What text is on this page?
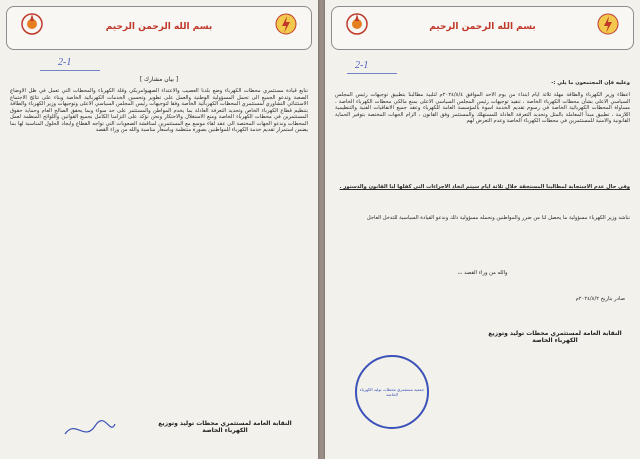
بسم الله الرحمن الرحيم
2-1
[ بيان مشارك ]
نتابع قيادة مستثمري محطات الكهرباء وضع بلدنا العصيب والاعتداء الصهيوامريكي وقلة الكهرباء والمحطات التي تعمل في ظل الاوضاع الصعبة وتدعو الجميع الى تحمل المسؤولية الوطنية والعمل على تطوير وتحسين الخدمات الكهربائية الخاصة وبناء على نتائج الاجتماع الاستثنائي التشاوري لمستثمري المحطات الكهربائية الخاصة وفقا لتوجيهات رئيس المجلس السياسي الاعلى وتوجيهات وزير الكهرباء والطاقة بتنظيم قطاع الكهرباء الخاص وتحديد التعرفة العادلة بما يخدم المواطن والمستثمر على حد سواء وبما يحقق الصالح العام وحماية حقوق المستثمرين في محطات الكهرباء الخاصة ومنع الاستغلال والاحتكار ونحن نؤكد على التزامنا الكامل بجميع القوانين واللوائح المنظمة لعمل المحطات وندعو الجهات المختصة الى عقد لقاء موسع مع المستثمرين لمناقشة الصعوبات التي تواجه القطاع وايجاد الحلول المناسبة لها بما يضمن استمرار تقديم خدمة الكهرباء للمواطنين بصورة منتظمة وباسعار مناسبة والله من وراء القصد
النقابة العامة لمستثمري محطات توليد وتوزيع الكهرباء الخاصة
بسم الله الرحمن الرحيم
2-1
وعليه فإن المجتمعون ما يلي :-
اعطاء وزير الكهرباء والطاقة مهلة ثلاثة أيام ابتداء من يوم الاحد الموافق ٢٠٢٤/٨/٤م لتلبية مطالبنا بتطبيق توجيهات رئيس المجلس السياسي الاعلى بشأن محطات الكهرباء الخاصة ، تنفيذ توجيهات رئيس المجلس السياسي الاعلى بمنع مالكي محطات الكهرباء الخاصة ، مساواة المحطات الكهربائية الخاصة في رسوم تقديم الخدمة اسوة بالمؤسسة العامة للكهرباء وعقد جميع الاتفاقيات الفنية والتنظيمية اللازمة ، تطبيق مبدأ المعاملة بالمثل وتحديد التعرفة العادلة للمستهلك والمستثمر وفق القانون ، الزام الجهات المختصة بتوفير الحماية القانونية والامنية للمستثمرين في محطات الكهرباء الخاصة وعدم التعرض لهم
وفي حال عدم الاستجابة لمطالبنا المستحقة خلال ثلاثة ايام سيتم اتخاذ الاجراءات التي كفلها لنا القانون والدستور .
نناشد وزير الكهرباء مسؤولية ما يحصل لنا من ضرر والمواطنين ونحمله مسؤولية ذلك وندعو القيادة السياسية للتدخل العاجل
والله من وراء القصد ،،،
صادر بتاريخ ٢٠٢٤/٨/٢م
النقابة العامة لمستثمري محطات توليد وتوزيع الكهرباء الخاصة
جمعية مستثمري محطات توليد الكهرباء الخاصة
